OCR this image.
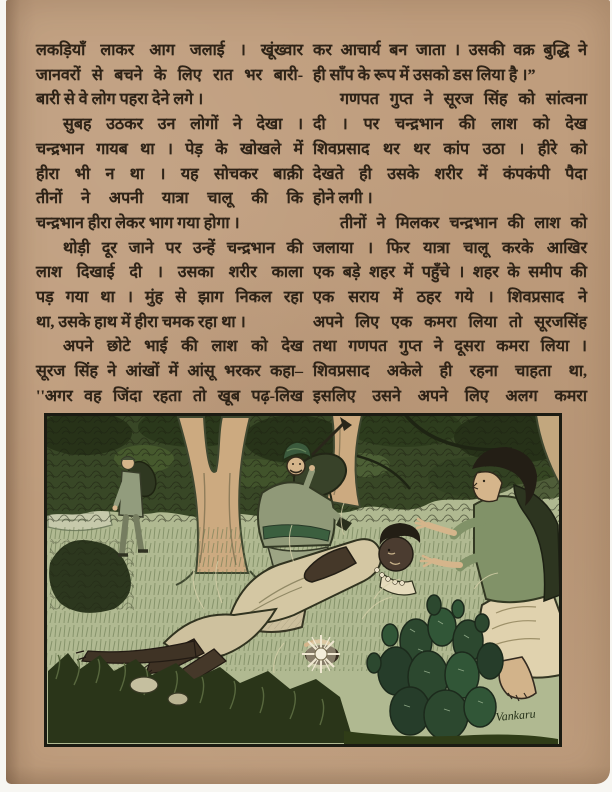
लकड़ियाँ लाकर आग जलाई । खूंख्वार
जानवरों से बचने के लिए रात भर बारी-
बारी से वे लोग पहरा देने लगे ।
सुबह उठकर उन लोगों ने देखा ।
चन्द्रभान गायब था । पेड़ के खोखले में
हीरा भी न था । यह सोचकर बाक़ी
तीनों ने अपनी यात्रा चालू की कि
चन्द्रभान हीरा लेकर भाग गया होगा ।
थोड़ी दूर जाने पर उन्हें चन्द्रभान की
लाश दिखाई दी । उसका शरीर काला
पड़ गया था । मुंह से झाग निकल रहा
था, उसके हाथ में हीरा चमक रहा था ।
अपने छोटे भाई की लाश को देख
सूरज सिंह ने आंखों में आंसू भरकर कहा–
''अगर वह जिंदा रहता तो खूब पढ़-लिख
कर आचार्य बन जाता । उसकी वक्र बुद्धि ने
ही साँप के रूप में उसको डस लिया है ।”
गणपत गुप्त ने सूरज सिंह को सांत्वना
दी । पर चन्द्रभान की लाश को देख
शिवप्रसाद थर थर कांप उठा । हीरे को
देखते ही उसके शरीर में कंपकंपी पैदा
होने लगी ।
तीनों ने मिलकर चन्द्रभान की लाश को
जलाया । फिर यात्रा चालू करके आखिर
एक बड़े शहर में पहुँचे । शहर के समीप की
एक सराय में ठहर गये । शिवप्रसाद ने
अपने लिए एक कमरा लिया तो सूरजसिंह
तथा गणपत गुप्त ने दूसरा कमरा लिया ।
शिवप्रसाद अकेले ही रहना चाहता था,
इसलिए उसने अपने लिए अलग कमरा
Vankaru
